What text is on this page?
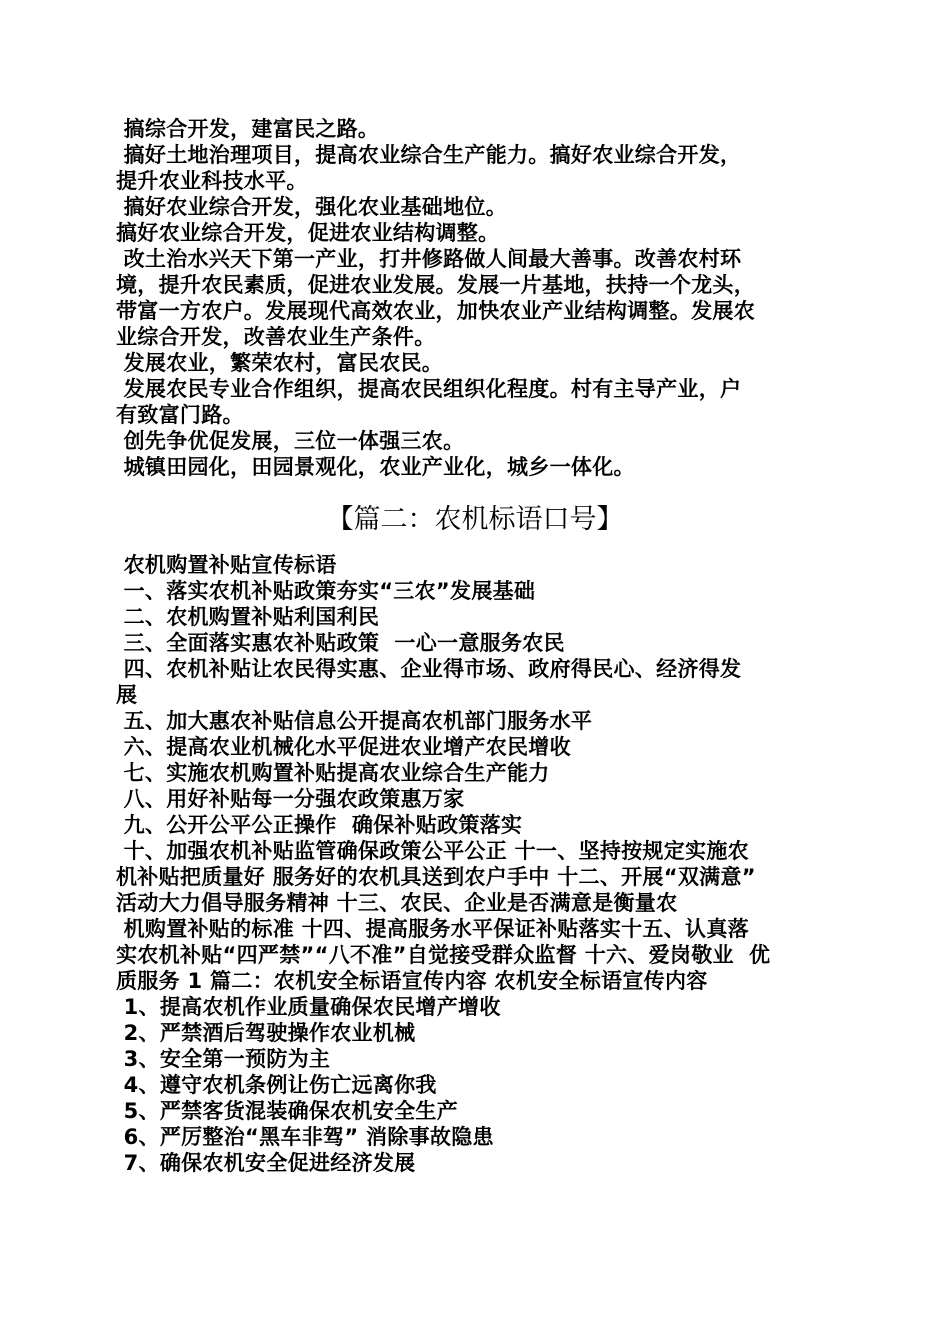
搞综合开发，建富民之路。
搞好土地治理项目，提高农业综合生产能力。搞好农业综合开发，
提升农业科技水平。
搞好农业综合开发，强化农业基础地位。
搞好农业综合开发，促进农业结构调整。
改土治水兴天下第一产业，打井修路做人间最大善事。改善农村环
境，提升农民素质，促进农业发展。发展一片基地，扶持一个龙头，
带富一方农户。发展现代高效农业，加快农业产业结构调整。发展农
业综合开发，改善农业生产条件。
发展农业，繁荣农村，富民农民。
发展农民专业合作组织，提高农民组织化程度。村有主导产业，户
有致富门路。
创先争优促发展，三位一体强三农。
城镇田园化，田园景观化，农业产业化，城乡一体化。
【篇二：农机标语口号】
农机购置补贴宣传标语
一、落实农机补贴政策夯实“三农”发展基础
二、农机购置补贴利国利民
三、全面落实惠农补贴政策  一心一意服务农民
四、农机补贴让农民得实惠、企业得市场、政府得民心、经济得发
展
五、加大惠农补贴信息公开提高农机部门服务水平
六、提高农业机械化水平促进农业增产农民增收
七、实施农机购置补贴提高农业综合生产能力
八、用好补贴每一分强农政策惠万家
九、公开公平公正操作  确保补贴政策落实
十、加强农机补贴监管确保政策公平公正 十一、坚持按规定实施农
机补贴把质量好 服务好的农机具送到农户手中 十二、开展“双满意”
活动大力倡导服务精神 十三、农民、企业是否满意是衡量农
机购置补贴的标准 十四、提高服务水平保证补贴落实十五、认真落
实农机补贴“四严禁”“八不准”自觉接受群众监督 十六、爱岗敬业  优
质服务 1 篇二：农机安全标语宣传内容 农机安全标语宣传内容
1、提高农机作业质量确保农民增产增收
2、严禁酒后驾驶操作农业机械
3、安全第一预防为主
4、遵守农机条例让伤亡远离你我
5、严禁客货混装确保农机安全生产
6、严厉整治“黑车非驾” 消除事故隐患
7、确保农机安全促进经济发展
